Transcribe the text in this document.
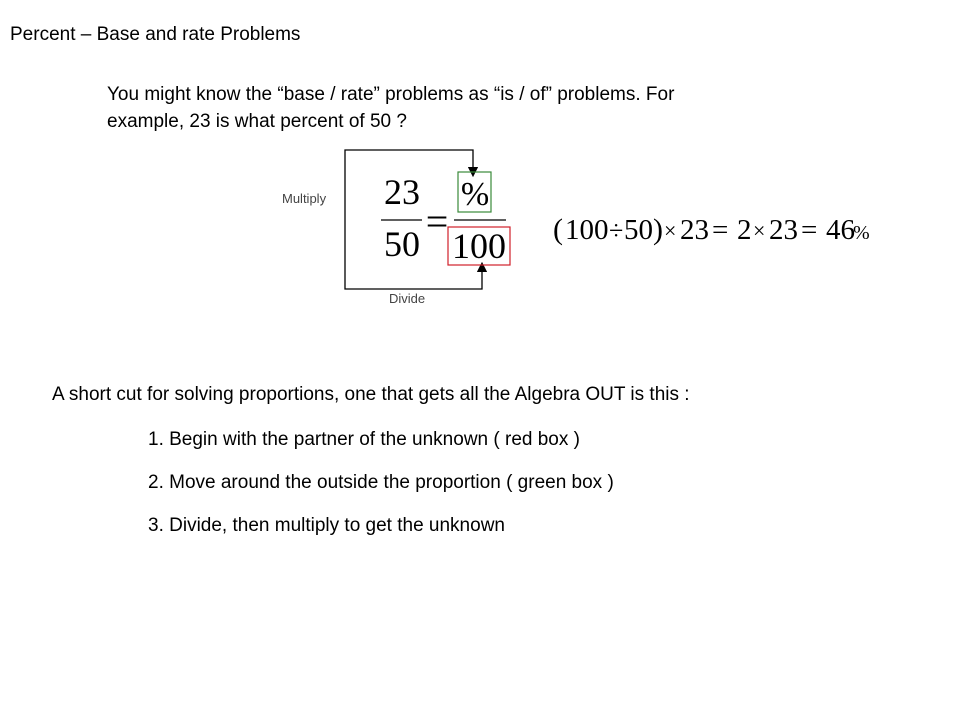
Percent – Base and rate Problems
You might know the “base / rate” problems as “is / of” problems. For
example, 23 is what percent of 50 ?
23
50 =
%
100 ( 100 ÷ 50 ) × 23 = 2 × 23 = 46
%
Multiply
Divide
A short cut for solving proportions, one that gets all the Algebra OUT is this :
1. Begin with the partner of the unknown ( red box )
2. Move around the outside the proportion ( green box )
3. Divide, then multiply to get the unknown
